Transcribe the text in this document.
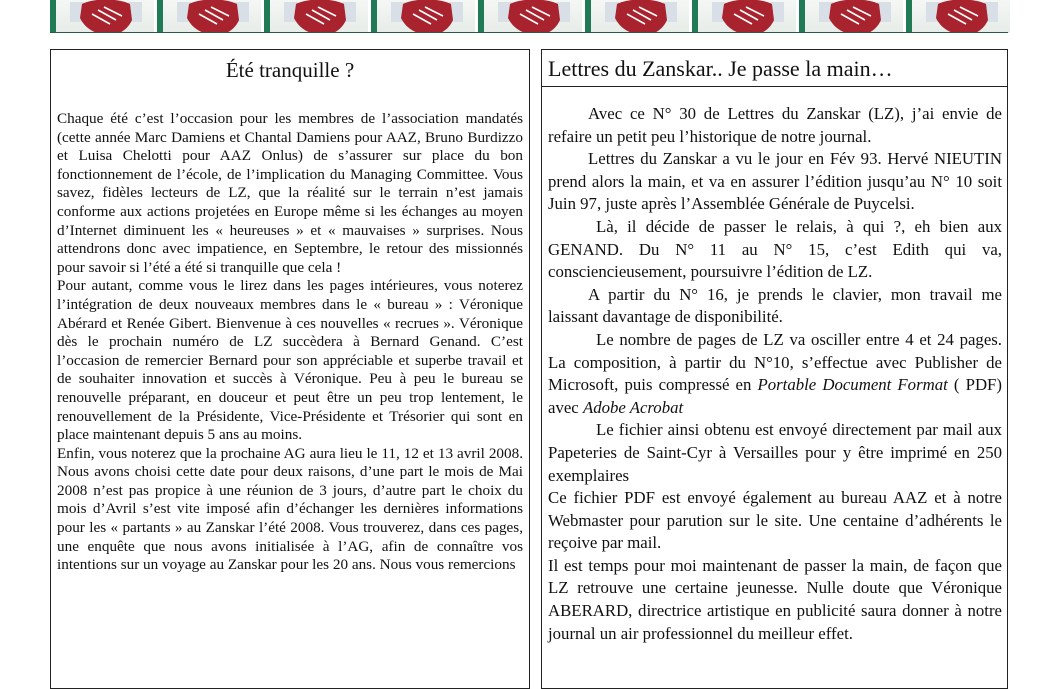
Été tranquille ?

Chaque été c’est l’occasion pour les membres de l’association mandatés (cette année Marc Damiens et Chantal Damiens pour AAZ, Bruno Burdizzo et Luisa Chelotti pour AAZ Onlus) de s’assurer sur place du bon fonctionnement de l’école, de l’implication du Managing Committee. Vous savez, fidèles lecteurs de LZ, que la réalité sur le terrain n’est jamais conforme aux actions projetées en Europe même si les échanges au moyen d’Internet diminuent les « heureuses » et « mauvaises » surprises. Nous attendrons donc avec impatience, en Septembre, le retour des missionnés pour savoir si l’été a été si tranquille que cela !

Pour autant, comme vous le lirez dans les pages intérieures, vous noterez l’intégration de deux nouveaux membres dans le « bureau » : Véronique Abérard et Renée Gibert. Bienvenue à ces nouvelles « recrues ». Véronique dès le prochain numéro de LZ succèdera à Bernard Genand. C’est l’occasion de remercier Bernard pour son appréciable et superbe travail et de souhaiter innovation et succès à Véronique. Peu à peu le bureau se renouvelle préparant, en douceur et peut être un peu trop lentement, le renouvellement de la Présidente, Vice-Présidente et Trésorier qui sont en place maintenant depuis 5 ans au moins.

Enfin, vous noterez que la prochaine AG aura lieu le 11, 12 et 13 avril 2008. Nous avons choisi cette date pour deux raisons, d’une part le mois de Mai 2008 n’est pas propice à une réunion de 3 jours, d’autre part le choix du mois d’Avril s’est vite imposé afin d’échanger les dernières informations pour les « partants » au Zanskar l’été 2008. Vous trouverez, dans ces pages, une enquête que nous avons initialisée à l’AG, afin de connaître vos intentions sur un voyage au Zanskar pour les 20 ans. Nous vous remercions

Lettres du Zanskar.. Je passe la main…

Avec ce N° 30 de Lettres du Zanskar (LZ), j’ai envie de refaire un petit peu l’historique de notre journal.

Lettres du Zanskar a vu le jour en Fév 93. Hervé NIEUTIN prend alors la main, et va en assurer l’édition jusqu’au N° 10 soit Juin 97, juste après l’Assemblée Générale de Puycelsi.

Là, il décide de passer le relais, à qui ?, eh bien aux GENAND. Du N° 11 au N° 15, c’est Edith qui va, consciencieusement, poursuivre l’édition de LZ.

A partir du N° 16, je prends le clavier, mon travail me laissant davantage de disponibilité.

Le nombre de pages de LZ va osciller entre 4 et 24 pages. La composition, à partir du N°10, s’effectue avec Publisher de Microsoft, puis compressé en Portable Document Format ( PDF) avec Adobe Acrobat

Le fichier ainsi obtenu est envoyé directement par mail aux Papeteries de Saint-Cyr à Versailles pour y être imprimé en 250 exemplaires

Ce fichier PDF est envoyé également au bureau AAZ et à notre Webmaster pour parution sur le site. Une centaine d’adhérents le reçoive par mail.

Il est temps pour moi maintenant de passer la main, de façon que LZ retrouve une certaine jeunesse. Nulle doute que Véronique ABERARD, directrice artistique en publicité saura donner à notre journal un air professionnel du meilleur effet.
